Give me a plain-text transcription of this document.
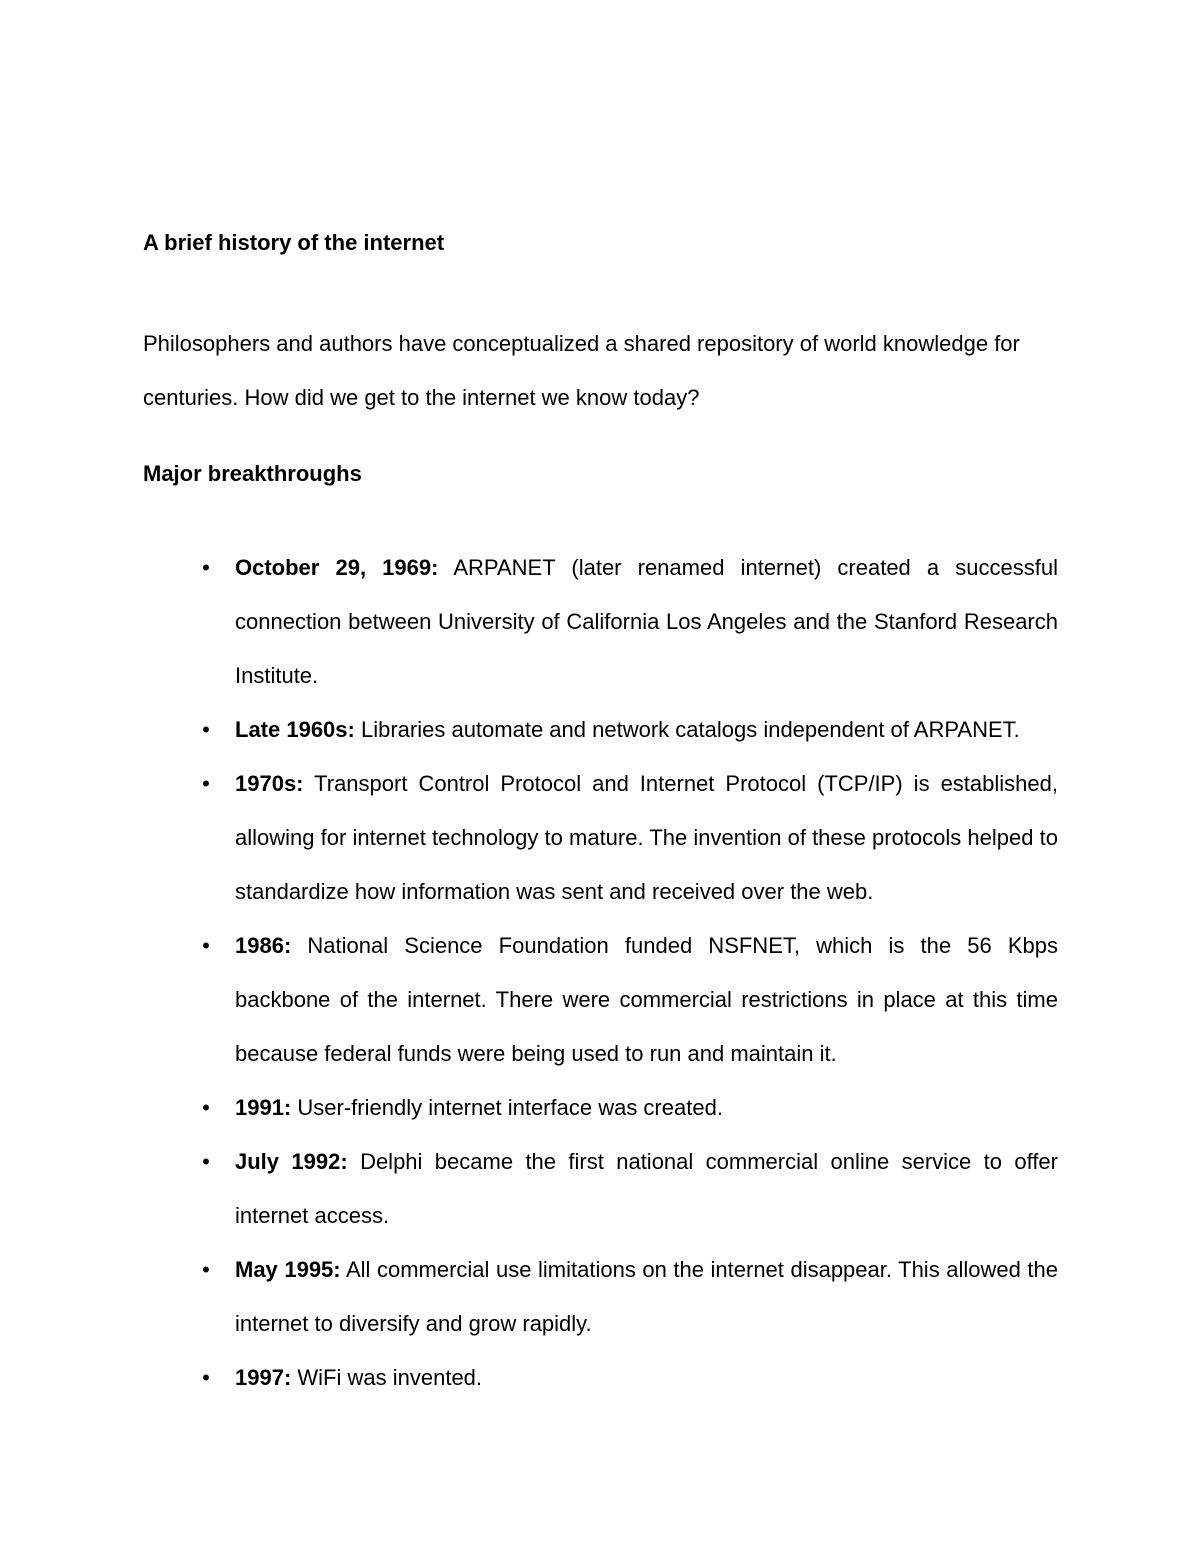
A brief history of the internet

Philosophers and authors have conceptualized a shared repository of world knowledge for centuries. How did we get to the internet we know today?

Major breakthroughs
• October 29, 1969: ARPANET (later renamed internet) created a successful connection between University of California Los Angeles and the Stanford Research Institute.
• Late 1960s: Libraries automate and network catalogs independent of ARPANET.
• 1970s: Transport Control Protocol and Internet Protocol (TCP/IP) is established, allowing for internet technology to mature. The invention of these protocols helped to standardize how information was sent and received over the web.
• 1986: National Science Foundation funded NSFNET, which is the 56 Kbps backbone of the internet. There were commercial restrictions in place at this time because federal funds were being used to run and maintain it.
• 1991: User-friendly internet interface was created.
• July 1992: Delphi became the first national commercial online service to offer internet access.
• May 1995: All commercial use limitations on the internet disappear. This allowed the internet to diversify and grow rapidly.
• 1997: WiFi was invented.
